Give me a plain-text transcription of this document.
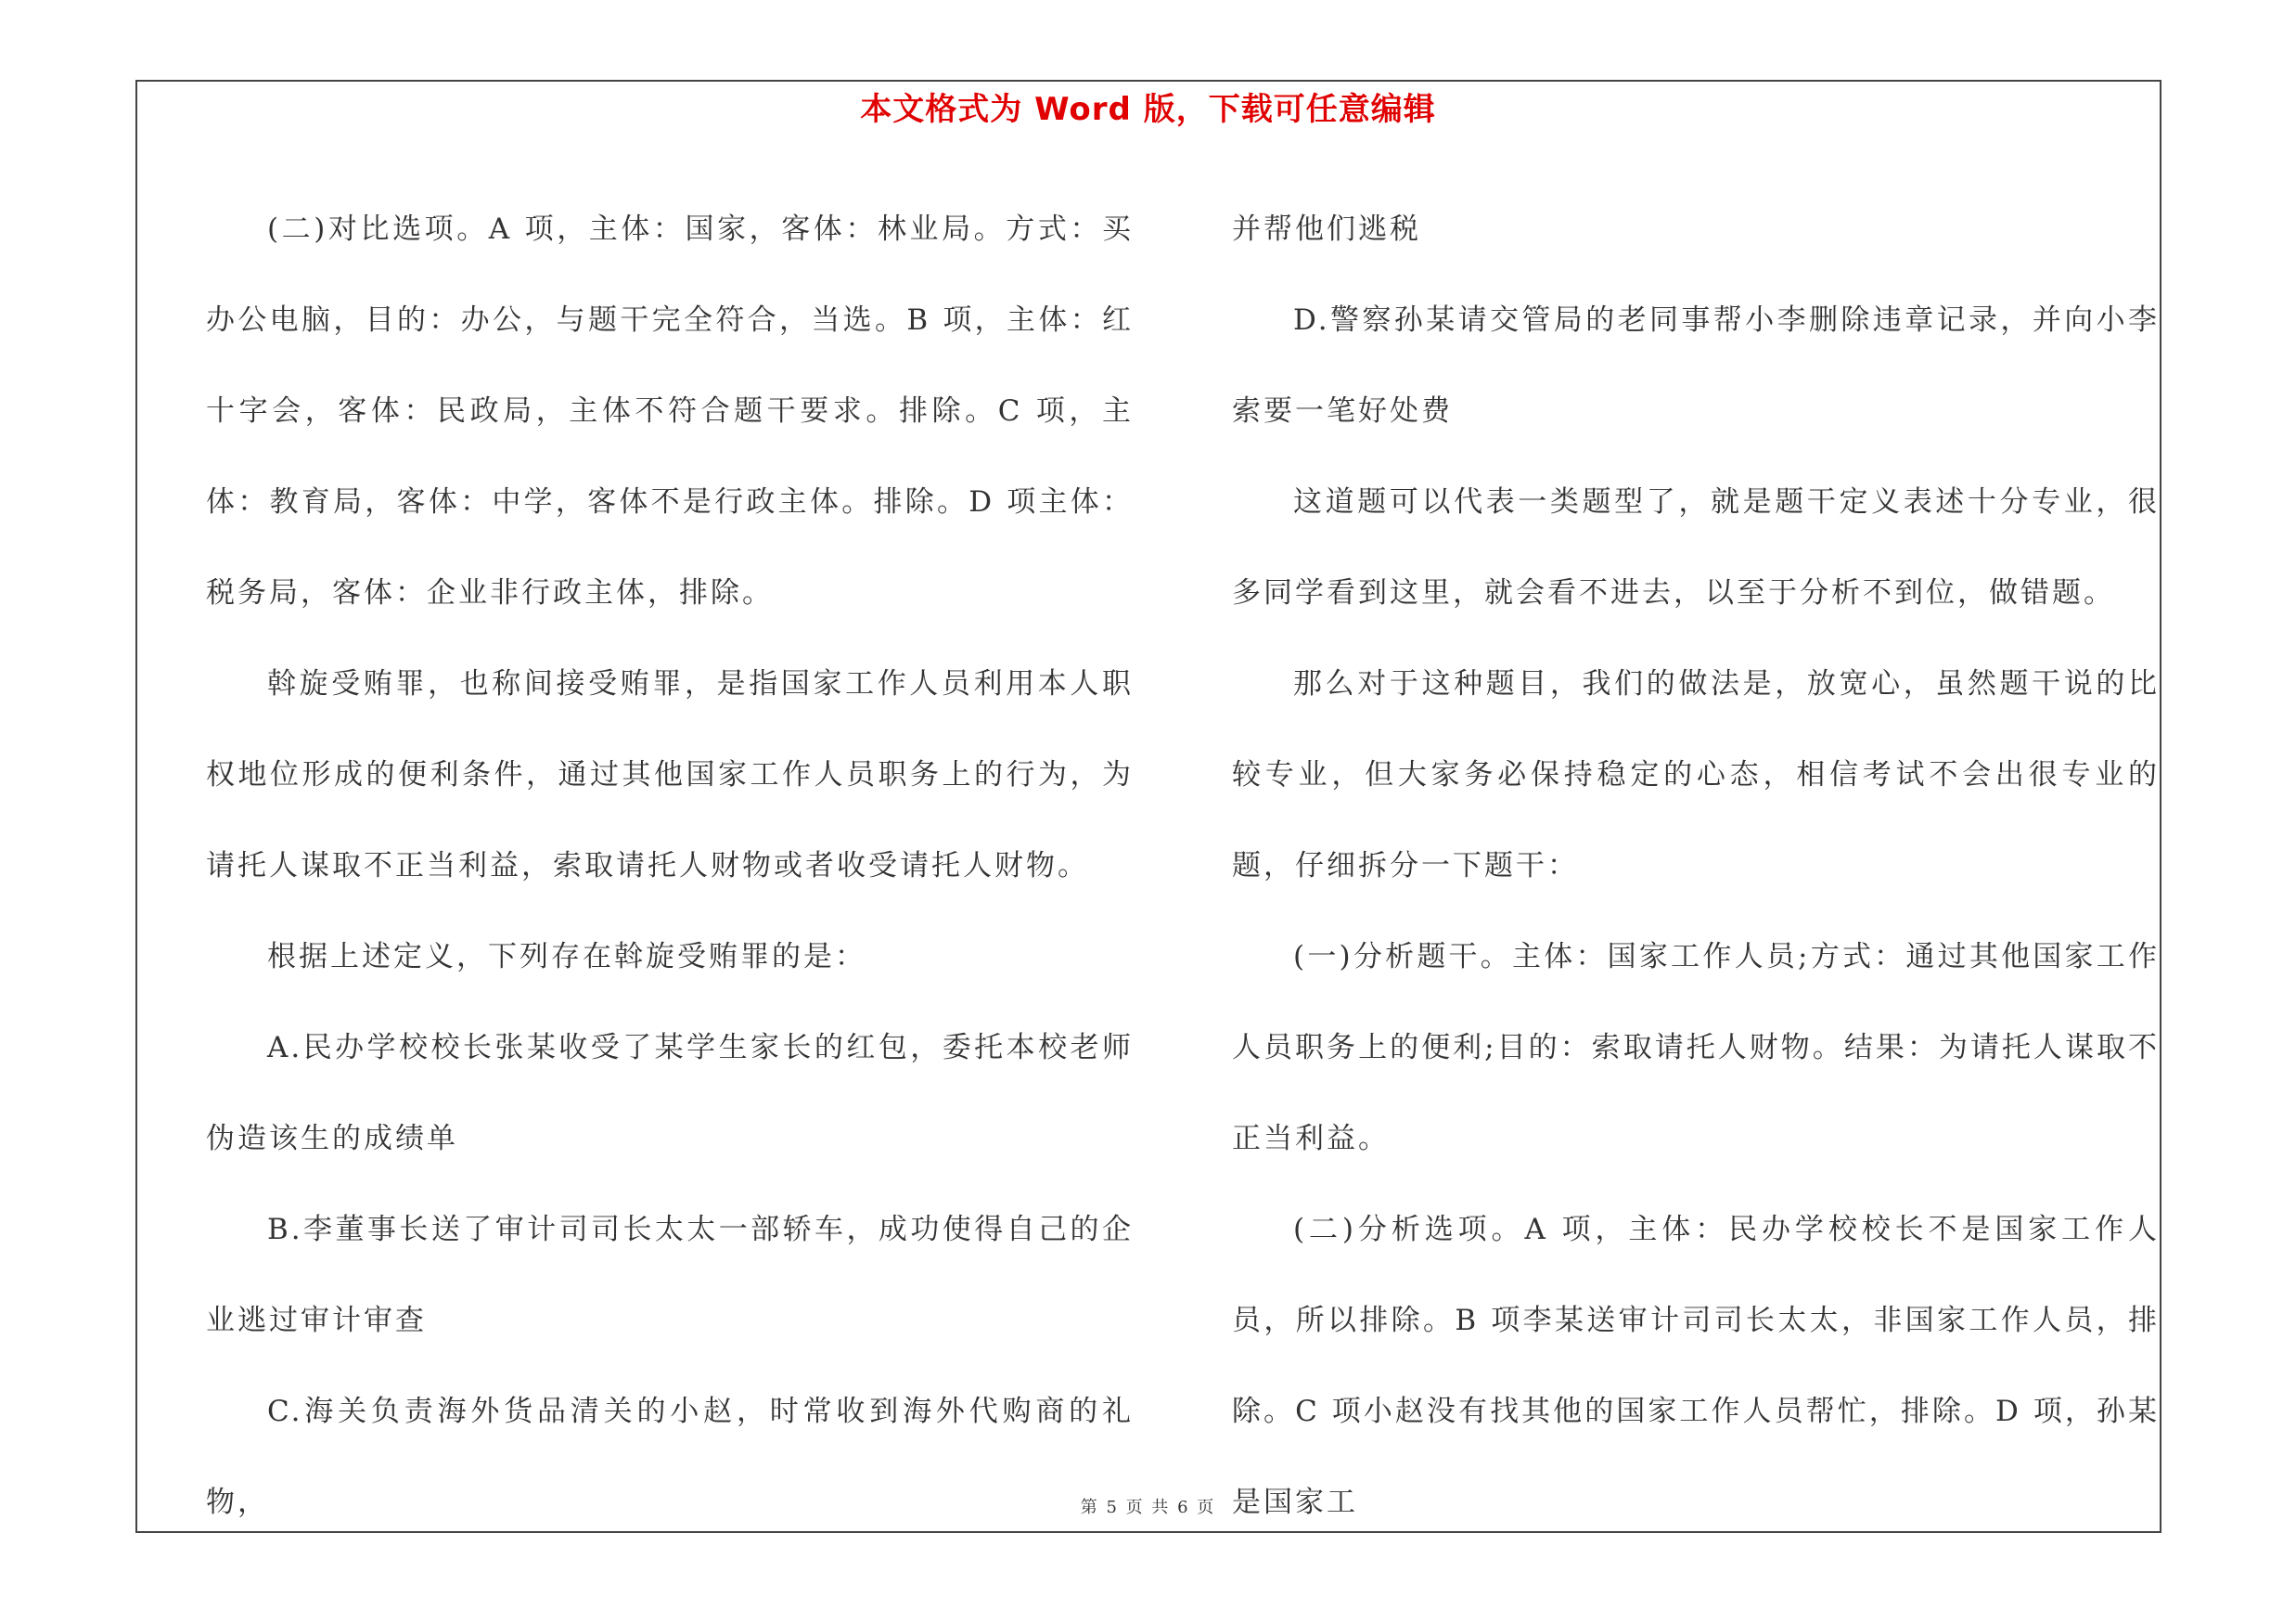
本文格式为 Word 版，下载可任意编辑

(二)对比选项。A 项，主体：国家，客体：林业局。方式：买办公电脑，目的：办公，与题干完全符合，当选。B 项，主体：红十字会，客体：民政局，主体不符合题干要求。排除。C 项，主体：教育局，客体：中学，客体不是行政主体。排除。D 项主体：税务局，客体：企业非行政主体，排除。

斡旋受贿罪，也称间接受贿罪，是指国家工作人员利用本人职权地位形成的便利条件，通过其他国家工作人员职务上的行为，为请托人谋取不正当利益，索取请托人财物或者收受请托人财物。

根据上述定义，下列存在斡旋受贿罪的是：

A.民办学校校长张某收受了某学生家长的红包，委托本校老师伪造该生的成绩单

B.李董事长送了审计司司长太太一部轿车，成功使得自己的企业逃过审计审查

C.海关负责海外货品清关的小赵，时常收到海外代购商的礼物，

并帮他们逃税

D.警察孙某请交管局的老同事帮小李删除违章记录，并向小李索要一笔好处费

这道题可以代表一类题型了，就是题干定义表述十分专业，很多同学看到这里，就会看不进去，以至于分析不到位，做错题。

那么对于这种题目，我们的做法是，放宽心，虽然题干说的比较专业，但大家务必保持稳定的心态，相信考试不会出很专业的题，仔细拆分一下题干：

(一)分析题干。主体：国家工作人员;方式：通过其他国家工作人员职务上的便利;目的：索取请托人财物。结果：为请托人谋取不正当利益。

(二)分析选项。A 项，主体：民办学校校长不是国家工作人员，所以排除。B 项李某送审计司司长太太，非国家工作人员，排除。C 项小赵没有找其他的国家工作人员帮忙，排除。D 项，孙某是国家工

第 5 页 共 6 页
